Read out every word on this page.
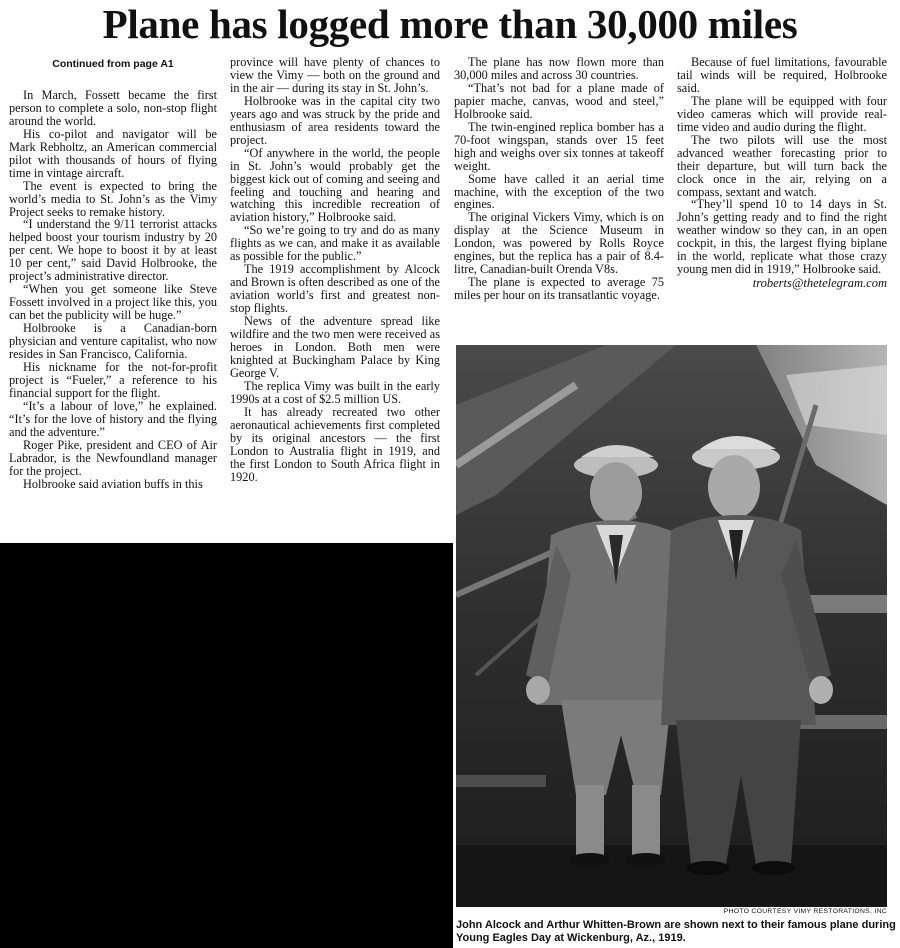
Plane has logged more than 30,000 miles
Continued from page A1

In March, Fossett became the first person to complete a solo, non-stop flight around the world.

His co-pilot and navigator will be Mark Rebholtz, an American commercial pilot with thousands of hours of flying time in vintage aircraft.

The event is expected to bring the world’s media to St. John’s as the Vimy Project seeks to remake history.

“I understand the 9/11 terrorist attacks helped boost your tourism industry by 20 per cent. We hope to boost it by at least 10 per cent,” said David Holbrooke, the project’s administrative director.

“When you get someone like Steve Fossett involved in a project like this, you can bet the publicity will be huge.”

Holbrooke is a Canadian-born physician and venture capitalist, who now resides in San Francisco, California.

His nickname for the not-for-profit project is “Fueler,” a reference to his financial support for the flight.

“It’s a labour of love,” he explained. “It’s for the love of history and the flying and the adventure.”

Roger Pike, president and CEO of Air Labrador, is the Newfoundland manager for the project.

Holbrooke said aviation buffs in this

province will have plenty of chances to view the Vimy — both on the ground and in the air — during its stay in St. John’s.

Holbrooke was in the capital city two years ago and was struck by the pride and enthusiasm of area residents toward the project.

“Of anywhere in the world, the people in St. John’s would probably get the biggest kick out of coming and seeing and feeling and touching and hearing and watching this incredible recreation of aviation history,” Holbrooke said.

“So we’re going to try and do as many flights as we can, and make it as available as possible for the public.”

The 1919 accomplishment by Alcock and Brown is often described as one of the aviation world’s first and greatest non-stop flights.

News of the adventure spread like wildfire and the two men were received as heroes in London. Both men were knighted at Buckingham Palace by King George V.

The replica Vimy was built in the early 1990s at a cost of $2.5 million US.

It has already recreated two other aeronautical achievements first completed by its original ancestors — the first London to Australia flight in 1919, and the first London to South Africa flight in 1920.

The plane has now flown more than 30,000 miles and across 30 countries.

“That’s not bad for a plane made of papier mache, canvas, wood and steel,” Holbrooke said.

The twin-engined replica bomber has a 70-foot wingspan, stands over 15 feet high and weighs over six tonnes at takeoff weight.

Some have called it an aerial time machine, with the exception of the two engines.

The original Vickers Vimy, which is on display at the Science Museum in London, was powered by Rolls Royce engines, but the replica has a pair of 8.4-litre, Canadian-built Orenda V8s.

The plane is expected to average 75 miles per hour on its transatlantic voyage.

Because of fuel limitations, favourable tail winds will be required, Holbrooke said.

The plane will be equipped with four video cameras which will provide real-time video and audio during the flight.

The two pilots will use the most advanced weather forecasting prior to their departure, but will turn back the clock once in the air, relying on a compass, sextant and watch.

“They’ll spend 10 to 14 days in St. John’s getting ready and to find the right weather window so they can, in an open cockpit, in this, the largest flying biplane in the world, replicate what those crazy young men did in 1919,” Holbrooke said.

troberts@thetelegram.com
PHOTO COURTESY VIMY RESTORATIONS, INC
John Alcock and Arthur Whitten-Brown are shown next to their famous plane during Young Eagles Day at Wickenburg, Az., 1919.
